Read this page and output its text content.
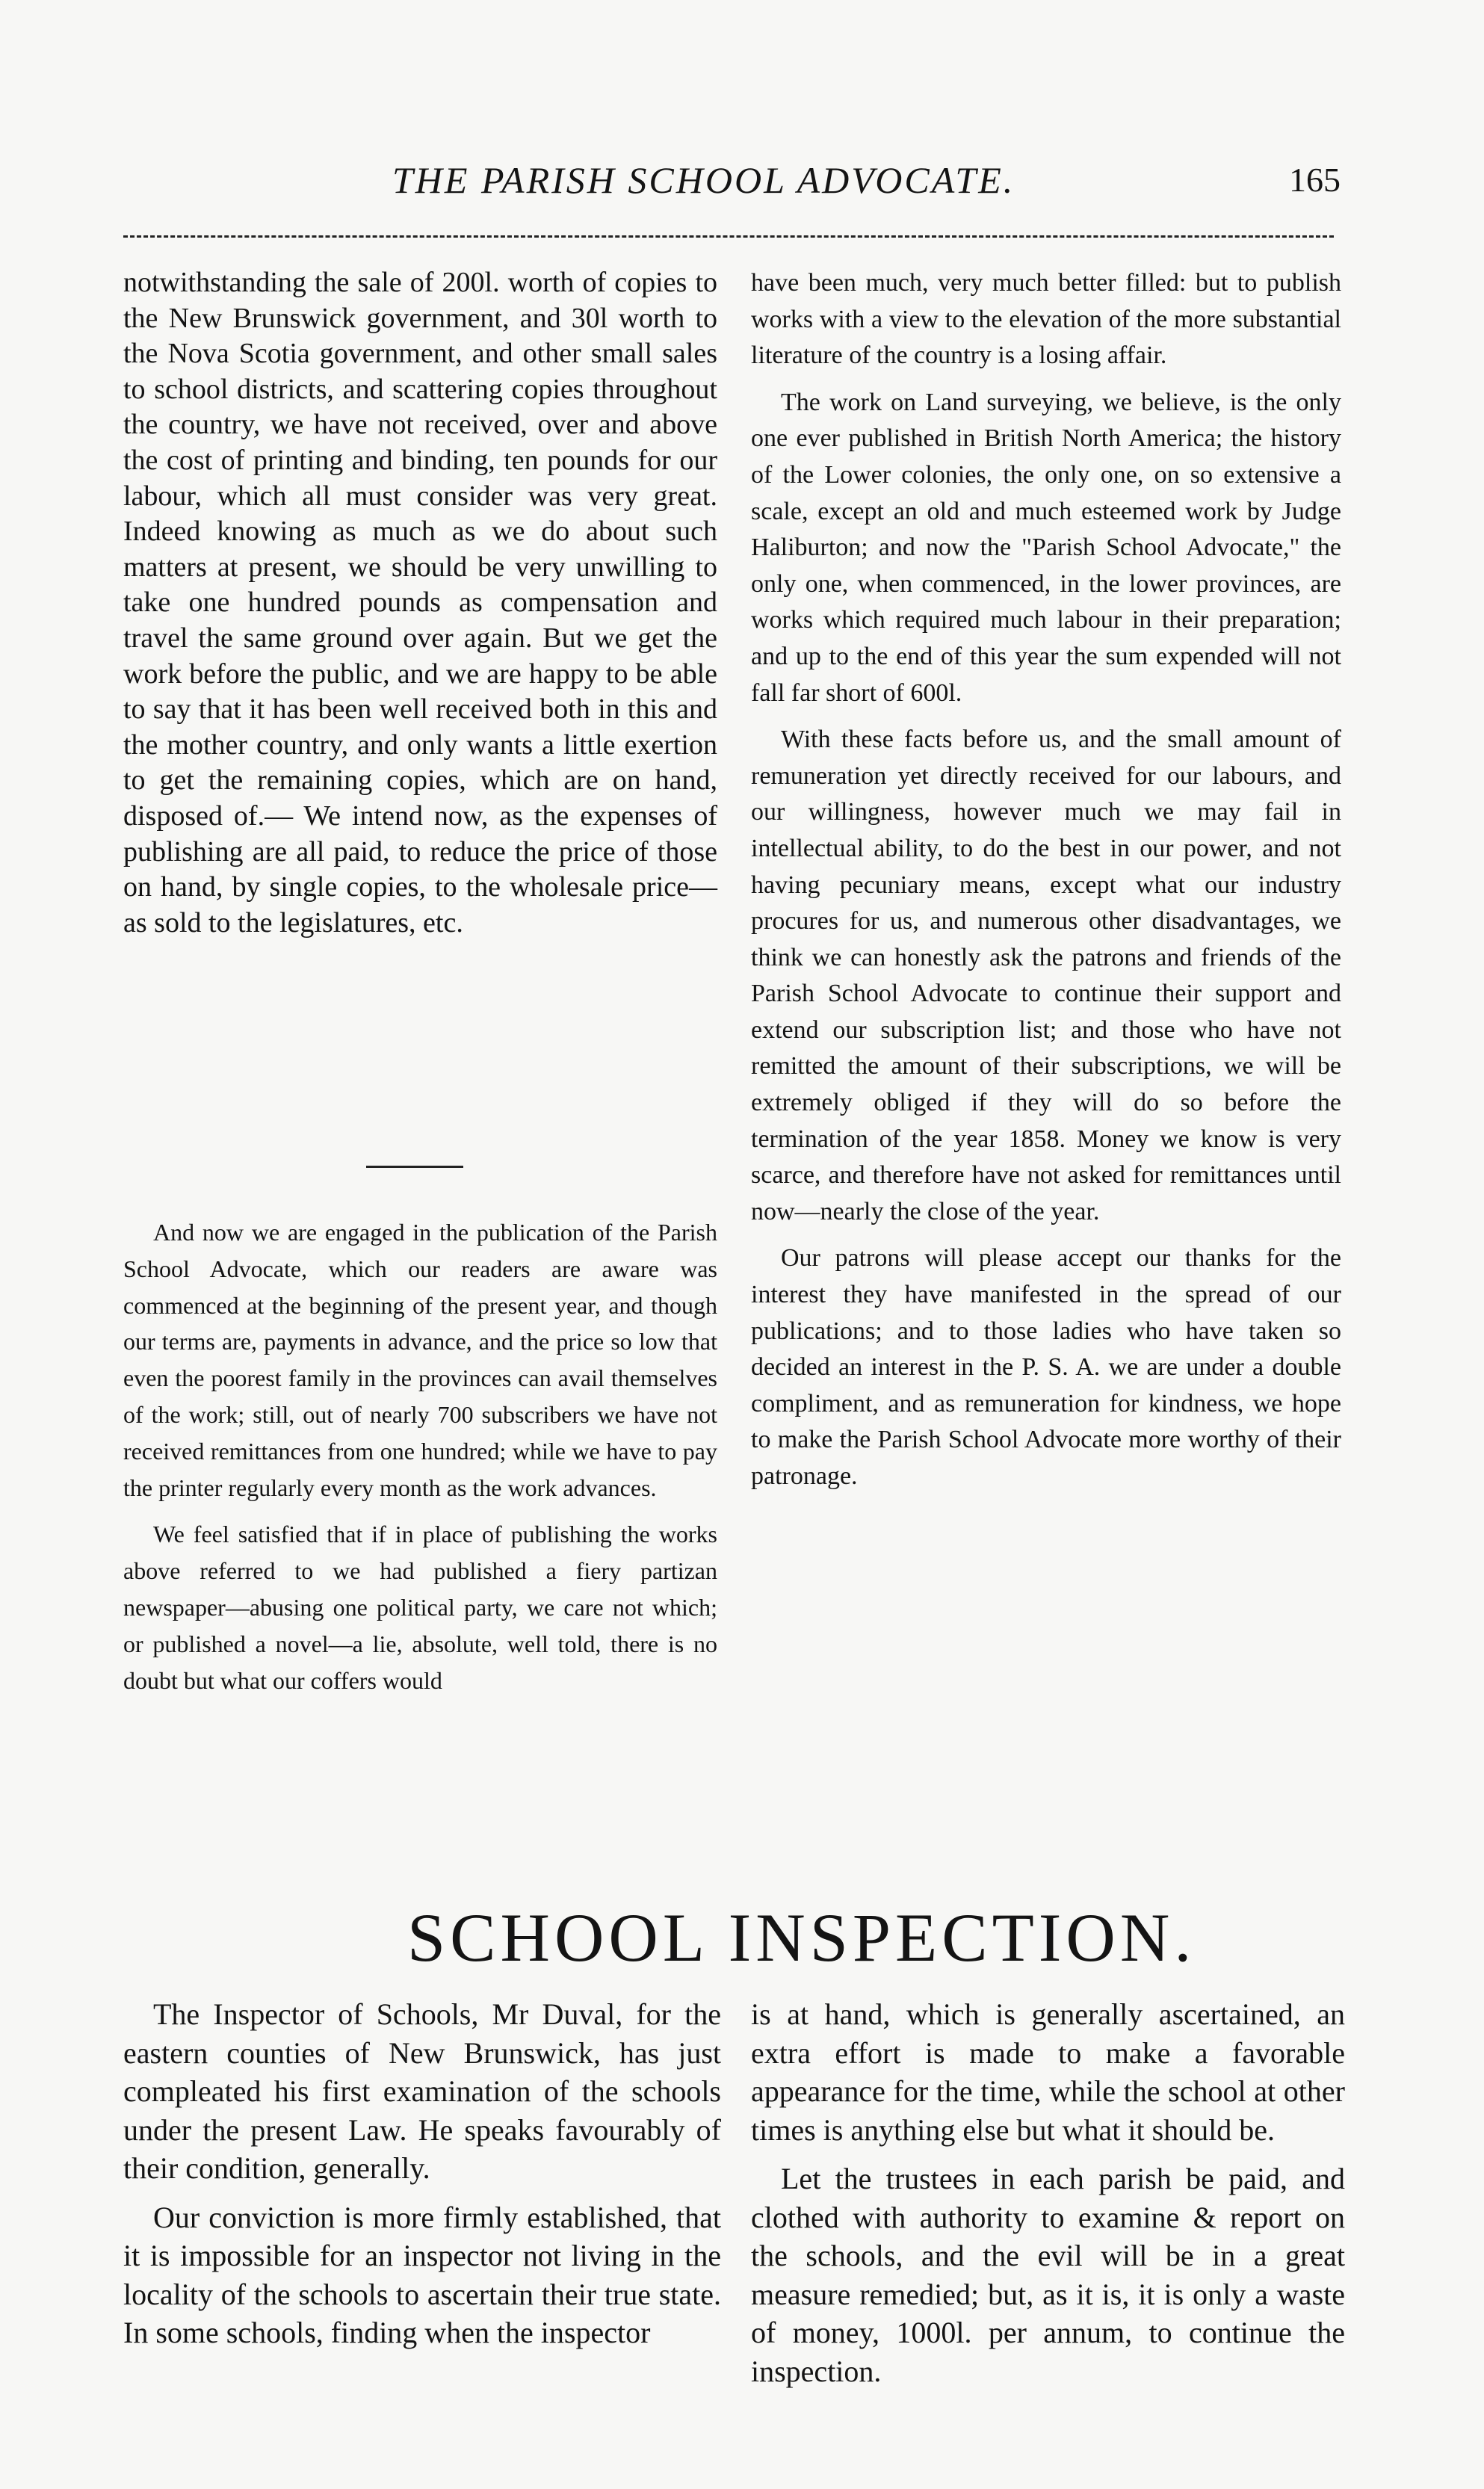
THE PARISH SCHOOL ADVOCATE.	165

notwithstanding the sale of 200l. worth of copies to the New Brunswick government, and 30l worth to the Nova Scotia government, and other small sales to school districts, and scattering copies throughout the country, we have not received, over and above the cost of printing and binding, ten pounds for our labour, which all must consider was very great. Indeed knowing as much as we do about such matters at present, we should be very unwilling to take one hundred pounds as compensation and travel the same ground over again. But we get the work before the public, and we are happy to be able to say that it has been well received both in this and the mother country, and only wants a little exertion to get the remaining copies, which are on hand, disposed of.— We intend now, as the expenses of publishing are all paid, to reduce the price of those on hand, by single copies, to the wholesale price—as sold to the legislatures, etc.

And now we are engaged in the publication of the Parish School Advocate, which our readers are aware was commenced at the beginning of the present year, and though our terms are, payments in advance, and the price so low that even the poorest family in the provinces can avail themselves of the work; still, out of nearly 700 subscribers we have not received remittances from one hundred; while we have to pay the printer regularly every month as the work advances.

We feel satisfied that if in place of publishing the works above referred to we had published a fiery partizan newspaper—abusing one political party, we care not which; or published a novel—a lie, absolute, well told, there is no doubt but what our coffers would

have been much, very much better filled: but to publish works with a view to the elevation of the more substantial literature of the country is a losing affair.

The work on Land surveying, we believe, is the only one ever published in British North America; the history of the Lower colonies, the only one, on so extensive a scale, except an old and much esteemed work by Judge Haliburton; and now the "Parish School Advocate," the only one, when commenced, in the lower provinces, are works which required much labour in their preparation; and up to the end of this year the sum expended will not fall far short of 600l.

With these facts before us, and the small amount of remuneration yet directly received for our labours, and our willingness, however much we may fail in intellectual ability, to do the best in our power, and not having pecuniary means, except what our industry procures for us, and numerous other disadvantages, we think we can honestly ask the patrons and friends of the Parish School Advocate to continue their support and extend our subscription list; and those who have not remitted the amount of their subscriptions, we will be extremely obliged if they will do so before the termination of the year 1858. Money we know is very scarce, and therefore have not asked for remittances until now—nearly the close of the year.

Our patrons will please accept our thanks for the interest they have manifested in the spread of our publications; and to those ladies who have taken so decided an interest in the P. S. A. we are under a double compliment, and as remuneration for kindness, we hope to make the Parish School Advocate more worthy of their patronage.

SCHOOL INSPECTION.

The Inspector of Schools, Mr Duval, for the eastern counties of New Brunswick, has just compleated his first examination of the schools under the present Law. He speaks favourably of their condition, generally.

Our conviction is more firmly established, that it is impossible for an inspector not living in the locality of the schools to ascertain their true state. In some schools, finding when the inspector

is at hand, which is generally ascertained, an extra effort is made to make a favorable appearance for the time, while the school at other times is anything else but what it should be.

Let the trustees in each parish be paid, and clothed with authority to examine & report on the schools, and the evil will be in a great measure remedied; but, as it is, it is only a waste of money, 1000l. per annum, to continue the inspection.
